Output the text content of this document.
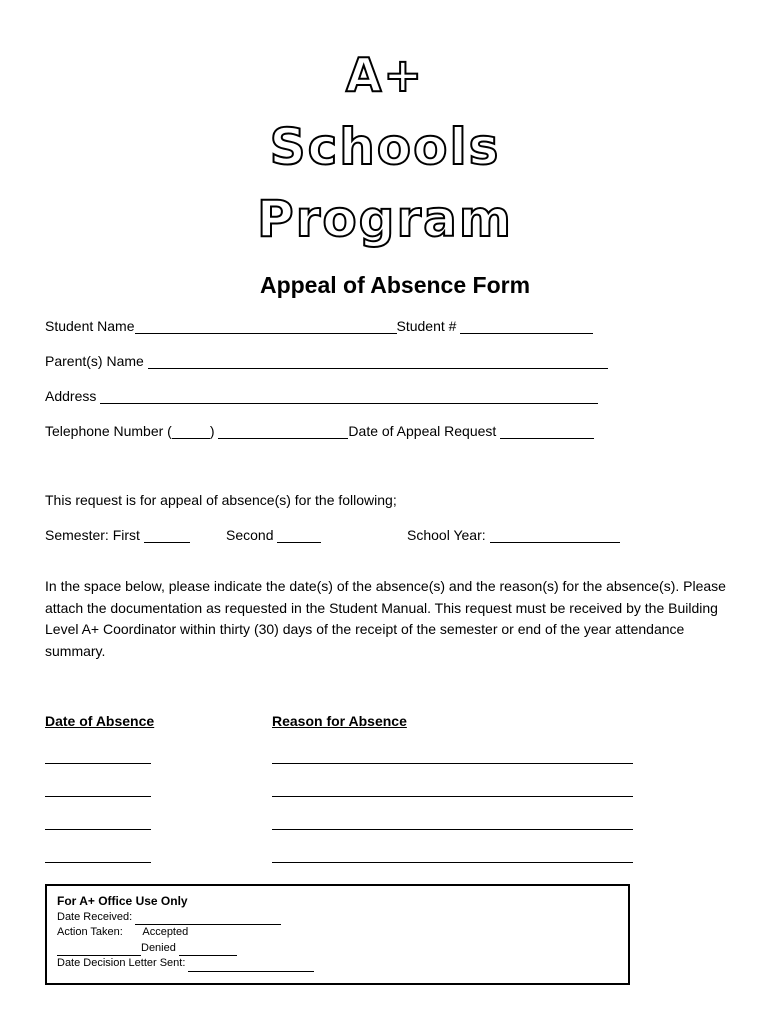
A+
Schools
Program
Appeal of Absence Form
Student Name	Student #
Parent(s) Name
Address
Telephone Number (	)	Date of Appeal Request
This request is for appeal of absence(s) for the following;
Semester: First	Second	School Year:
In the space below, please indicate the date(s) of the absence(s) and the reason(s) for the absence(s). Please attach the documentation as requested in the Student Manual. This request must be received by the Building Level A+ Coordinator within thirty (30) days of the receipt of the semester or end of the year attendance summary.
Date of Absence	Reason for Absence
For A+ Office Use Only
Date Received:
Action Taken: Accepted
Denied
Date Decision Letter Sent:
